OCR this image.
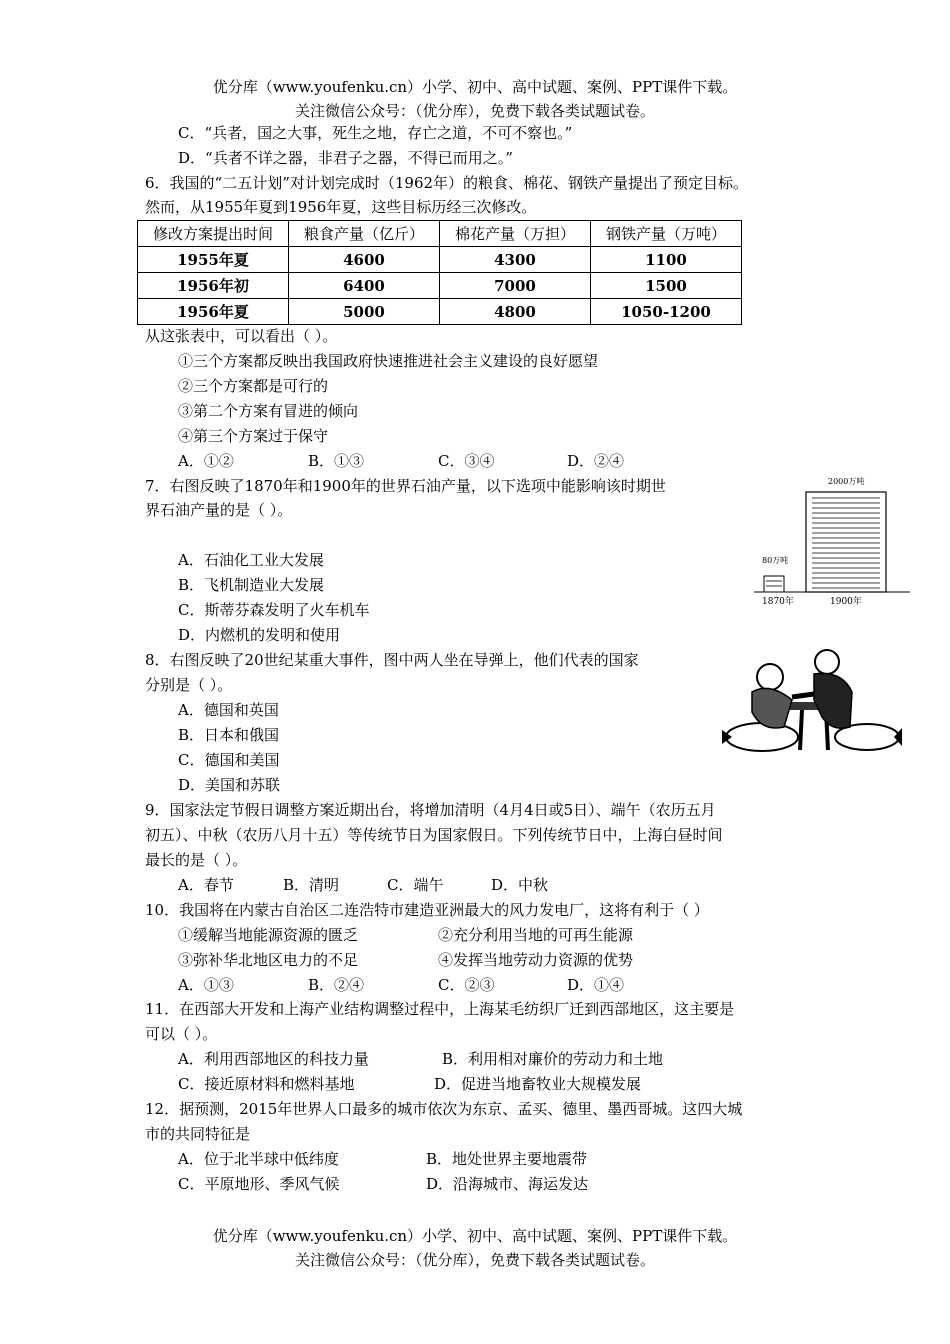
优分库（www.youfenku.cn）小学、初中、高中试题、案例、PPT课件下载。
关注微信公众号：（优分库），免费下载各类试题试卷。
C．“兵者，国之大事，死生之地，存亡之道，不可不察也。”
D．“兵者不详之器，非君子之器，不得已而用之。”
6．我国的“二五计划”对计划完成时（1962年）的粮食、棉花、钢铁产量提出了预定目标。
然而，从1955年夏到1956年夏，这些目标历经三次修改。
修改方案提出时间	粮食产量（亿斤）	棉花产量（万担）	钢铁产量（万吨）
1955年夏	4600	4300	1100
1956年初	6400	7000	1500
1956年夏	5000	4800	1050-1200
从这张表中，可以看出（ ）。
①三个方案都反映出我国政府快速推进社会主义建设的良好愿望
②三个方案都是可行的
③第二个方案有冒进的倾向
④第三个方案过于保守
A．①②	B．①③	C．③④	D．②④
7．右图反映了1870年和1900年的世界石油产量，以下选项中能影响该时期世
界石油产量的是（ ）。
A．石油化工业大发展
B．飞机制造业大发展
C．斯蒂芬森发明了火车机车
D．内燃机的发明和使用
2000万吨
80万吨
1870年	1900年
8．右图反映了20世纪某重大事件，图中两人坐在导弹上，他们代表的国家
分别是（ ）。
A．德国和英国
B．日本和俄国
C．德国和美国
D．美国和苏联
9．国家法定节假日调整方案近期出台，将增加清明（4月4日或5日）、端午（农历五月
初五）、中秋（农历八月十五）等传统节日为国家假日。下列传统节日中，上海白昼时间
最长的是（ ）。
A．春节	B．清明	C．端午	D．中秋
10．我国将在内蒙古自治区二连浩特市建造亚洲最大的风力发电厂，这将有利于（ ）
①缓解当地能源资源的匮乏	②充分利用当地的可再生能源
③弥补华北地区电力的不足	④发挥当地劳动力资源的优势
A．①③	B．②④	C．②③	D．①④
11．在西部大开发和上海产业结构调整过程中，上海某毛纺织厂迁到西部地区，这主要是
可以（ ）。
A．利用西部地区的科技力量	B．利用相对廉价的劳动力和土地
C．接近原材料和燃料基地	D．促进当地畜牧业大规模发展
12．据预测，2015年世界人口最多的城市依次为东京、孟买、德里、墨西哥城。这四大城
市的共同特征是
A．位于北半球中低纬度	B．地处世界主要地震带
C．平原地形、季风气候	D．沿海城市、海运发达
优分库（www.youfenku.cn）小学、初中、高中试题、案例、PPT课件下载。
关注微信公众号：（优分库），免费下载各类试题试卷。
